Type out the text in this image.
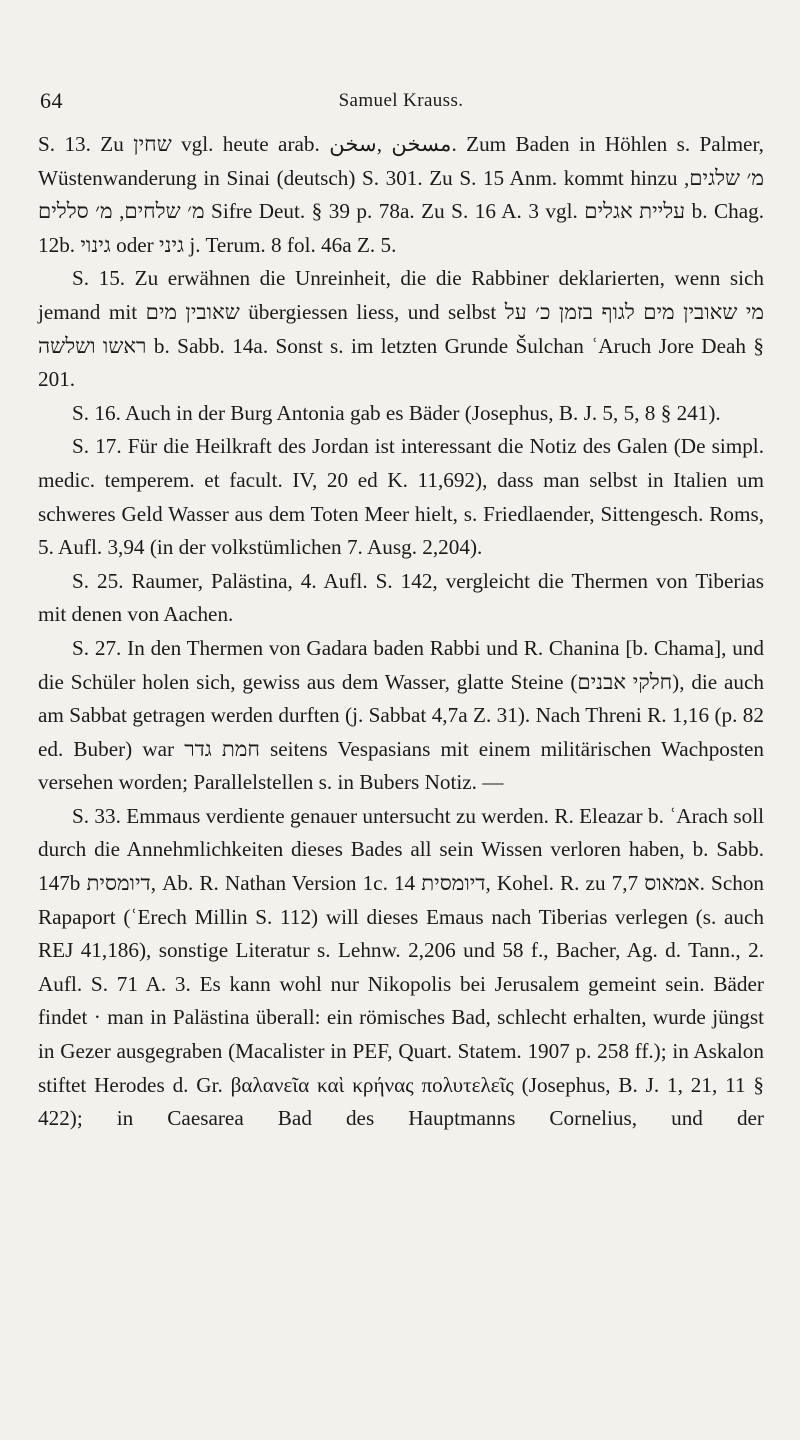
64	Samuel Krauss.

S. 13. Zu שחין vgl. heute arab. مسخن ,سخن. Zum Baden in Höhlen s. Palmer, Wüstenwanderung in Sinai (deutsch) S. 301. Zu S. 15 Anm. kommt hinzu מ׳ שלגים, מ׳ שלחים, מ׳ סללים Sifre Deut. § 39 p. 78a. Zu S. 16 A. 3 vgl. עליית אגלים b. Chag. 12b. גינוי oder גיני j. Terum. 8 fol. 46a Z. 5.

S. 15. Zu erwähnen die Unreinheit, die die Rabbiner deklarierten, wenn sich jemand mit שאובין מים übergiessen liess, und selbst מי שאובין מים לגוף בזמן כ׳ על ראשו ושלשה b. Sabb. 14a. Sonst s. im letzten Grunde Šulchan ʿAruch Jore Deah § 201.

S. 16. Auch in der Burg Antonia gab es Bäder (Josephus, B. J. 5, 5, 8 § 241).

S. 17. Für die Heilkraft des Jordan ist interessant die Notiz des Galen (De simpl. medic. temperem. et facult. IV, 20 ed K. 11,692), dass man selbst in Italien um schweres Geld Wasser aus dem Toten Meer hielt, s. Friedlaender, Sittengesch. Roms, 5. Aufl. 3,94 (in der volkstümlichen 7. Ausg. 2,204).

S. 25. Raumer, Palästina, 4. Aufl. S. 142, vergleicht die Thermen von Tiberias mit denen von Aachen.

S. 27. In den Thermen von Gadara baden Rabbi und R. Chanina [b. Chama], und die Schüler holen sich, gewiss aus dem Wasser, glatte Steine (חלקי אבנים), die auch am Sabbat getragen werden durften (j. Sabbat 4,7a Z. 31). Nach Threni R. 1,16 (p. 82 ed. Buber) war חמת גדר seitens Vespasians mit einem militärischen Wachposten versehen worden; Parallelstellen s. in Bubers Notiz. —

S. 33. Emmaus verdiente genauer untersucht zu werden. R. Eleazar b. ʿArach soll durch die Annehmlichkeiten dieses Bades all sein Wissen verloren haben, b. Sabb. 147b דיומסית, Ab. R. Nathan Version 1c. 14 דיומסית, Kohel. R. zu 7,7 אמאוס. Schon Rapaport (ʿErech Millin S. 112) will dieses Emaus nach Tiberias verlegen (s. auch REJ 41,186), sonstige Literatur s. Lehnw. 2,206 und 58 f., Bacher, Ag. d. Tann., 2. Aufl. S. 71 A. 3. Es kann wohl nur Nikopolis bei Jerusalem gemeint sein. Bäder findet · man in Palästina überall: ein römisches Bad, schlecht erhalten, wurde jüngst in Gezer ausgegraben (Macalister in PEF, Quart. Statem. 1907 p. 258 ff.); in Askalon stiftet Herodes d. Gr. βαλανεῖα καὶ κρήνας πολυτελεῖς (Josephus, B. J. 1, 21, 11 § 422); in Caesarea Bad des Hauptmanns Cornelius, und der
